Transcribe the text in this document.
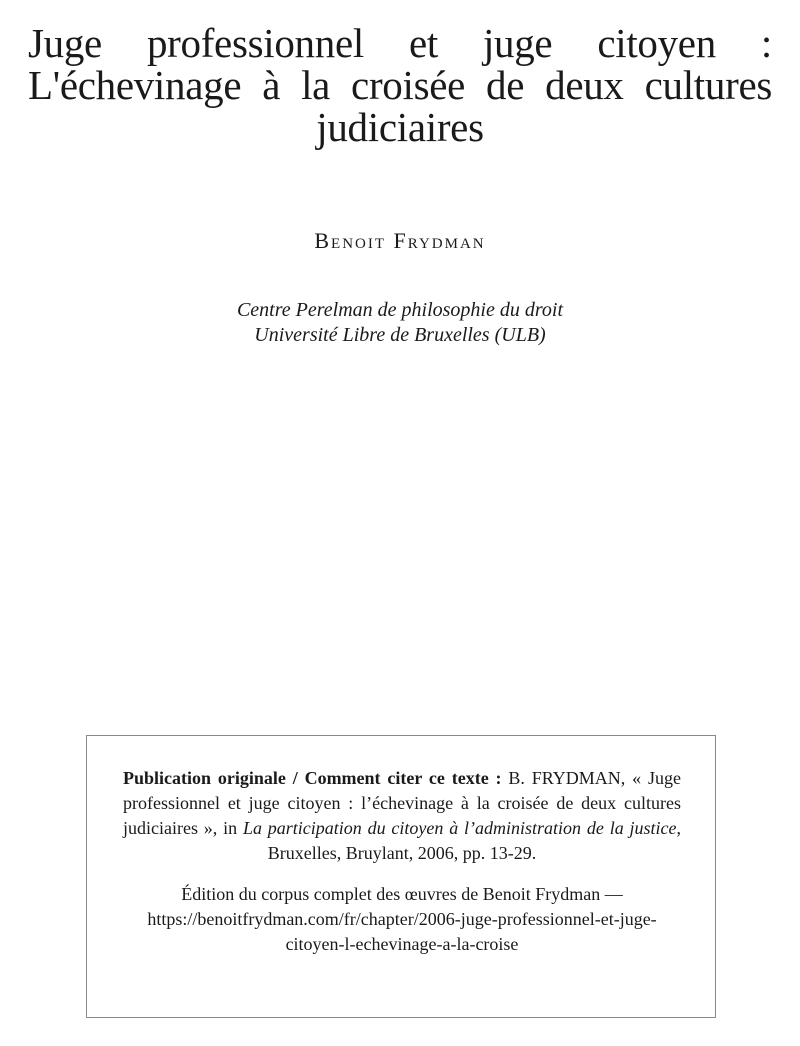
Juge professionnel et juge citoyen :
L'échevinage à la croisée de deux cultures
judiciaires
Benoit Frydman
Centre Perelman de philosophie du droit
Université Libre de Bruxelles (ULB)

Publication originale / Comment citer ce texte : B. FRYDMAN, « Juge professionnel et juge citoyen : l’échevinage à la croisée de deux cultures judiciaires », in La participation du citoyen à l’administration de la justice, Bruxelles, Bruylant, 2006, pp. 13-29.

Édition du corpus complet des œuvres de Benoit Frydman —
https://benoitfrydman.com/fr/chapter/2006-juge-professionnel-et-juge-citoyen-l-echevinage-a-la-croise
